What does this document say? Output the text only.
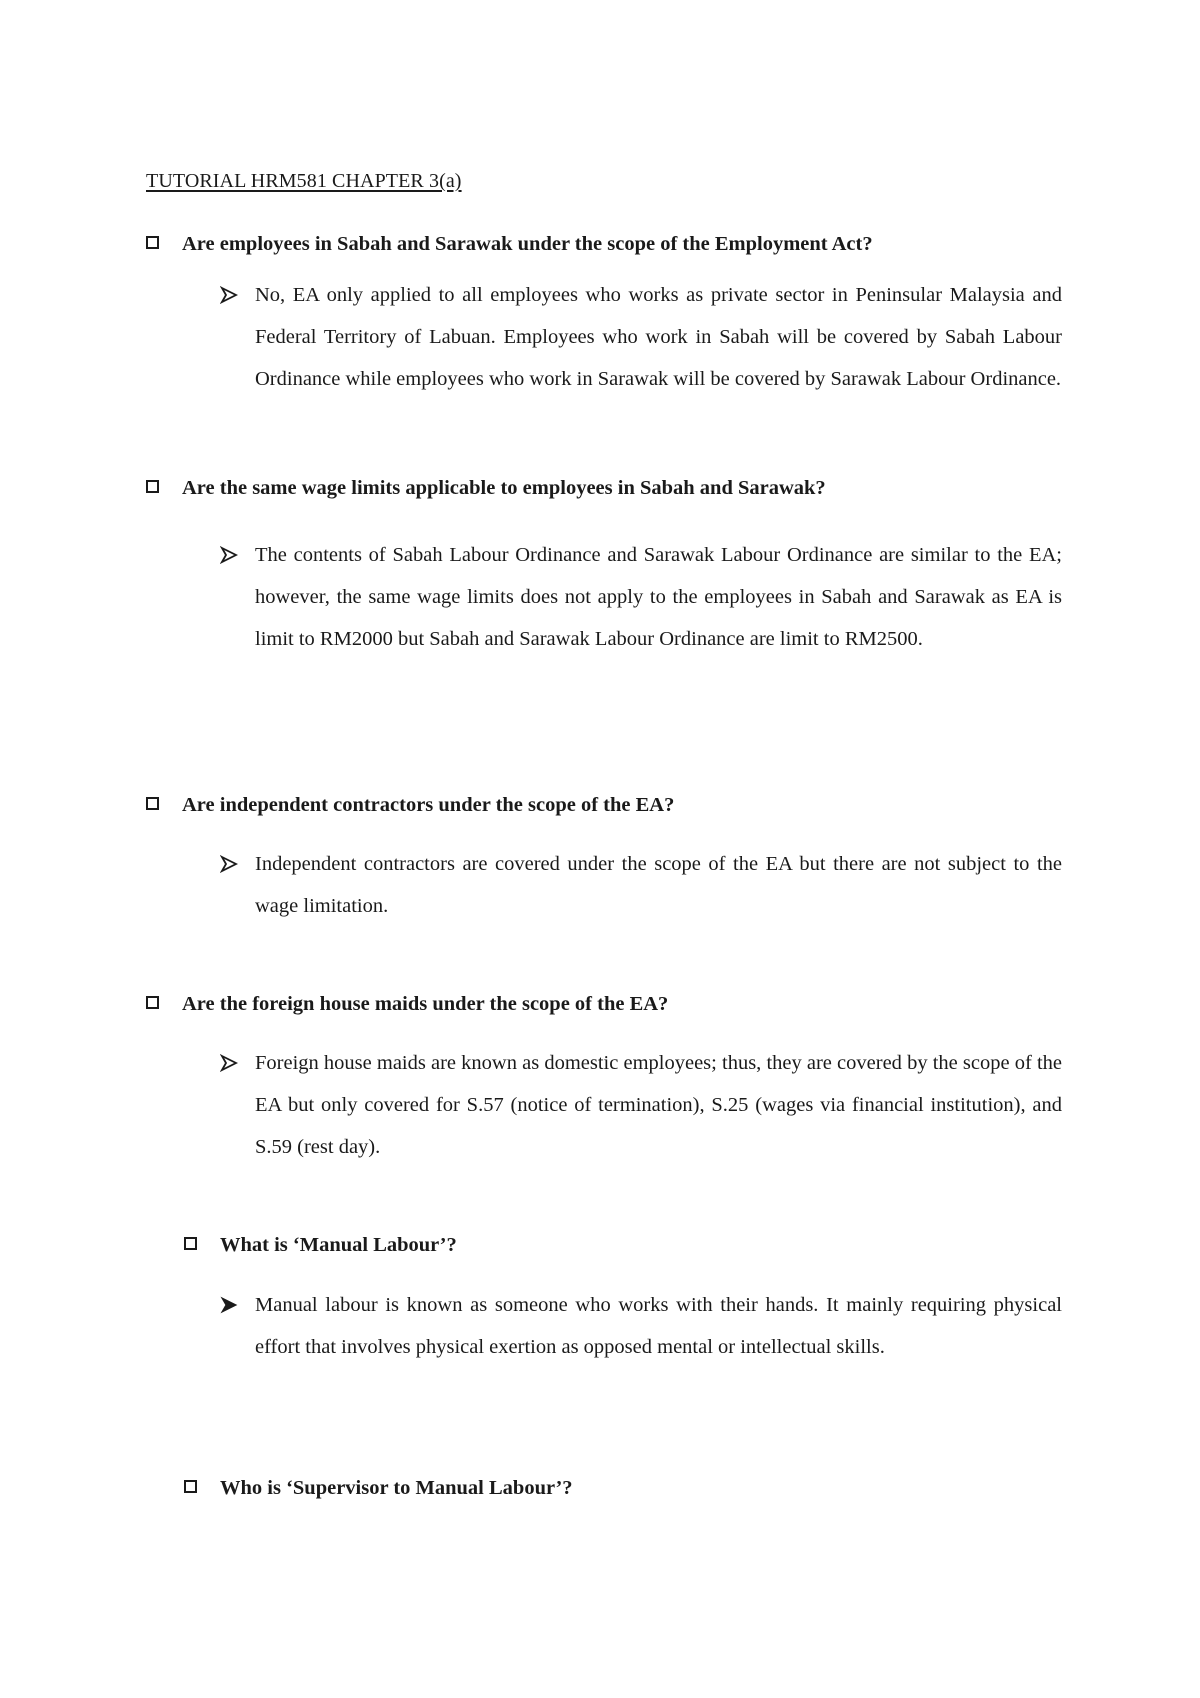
TUTORIAL HRM581 CHAPTER 3(a)
Are employees in Sabah and Sarawak under the scope of the Employment Act?
No, EA only applied to all employees who works as private sector in Peninsular Malaysia and Federal Territory of Labuan. Employees who work in Sabah will be covered by Sabah Labour Ordinance while employees who work in Sarawak will be covered by Sarawak Labour Ordinance.
Are the same wage limits applicable to employees in Sabah and Sarawak?
The contents of Sabah Labour Ordinance and Sarawak Labour Ordinance are similar to the EA; however, the same wage limits does not apply to the employees in Sabah and Sarawak as EA is limit to RM2000 but Sabah and Sarawak Labour Ordinance are limit to RM2500.
Are independent contractors under the scope of the EA?
Independent contractors are covered under the scope of the EA but there are not subject to the wage limitation.
Are the foreign house maids under the scope of the EA?
Foreign house maids are known as domestic employees; thus, they are covered by the scope of the EA but only covered for S.57 (notice of termination), S.25 (wages via financial institution), and S.59 (rest day).
What is ‘Manual Labour’?
Manual labour is known as someone who works with their hands. It mainly requiring physical effort that involves physical exertion as opposed mental or intellectual skills.
Who is ‘Supervisor to Manual Labour’?
